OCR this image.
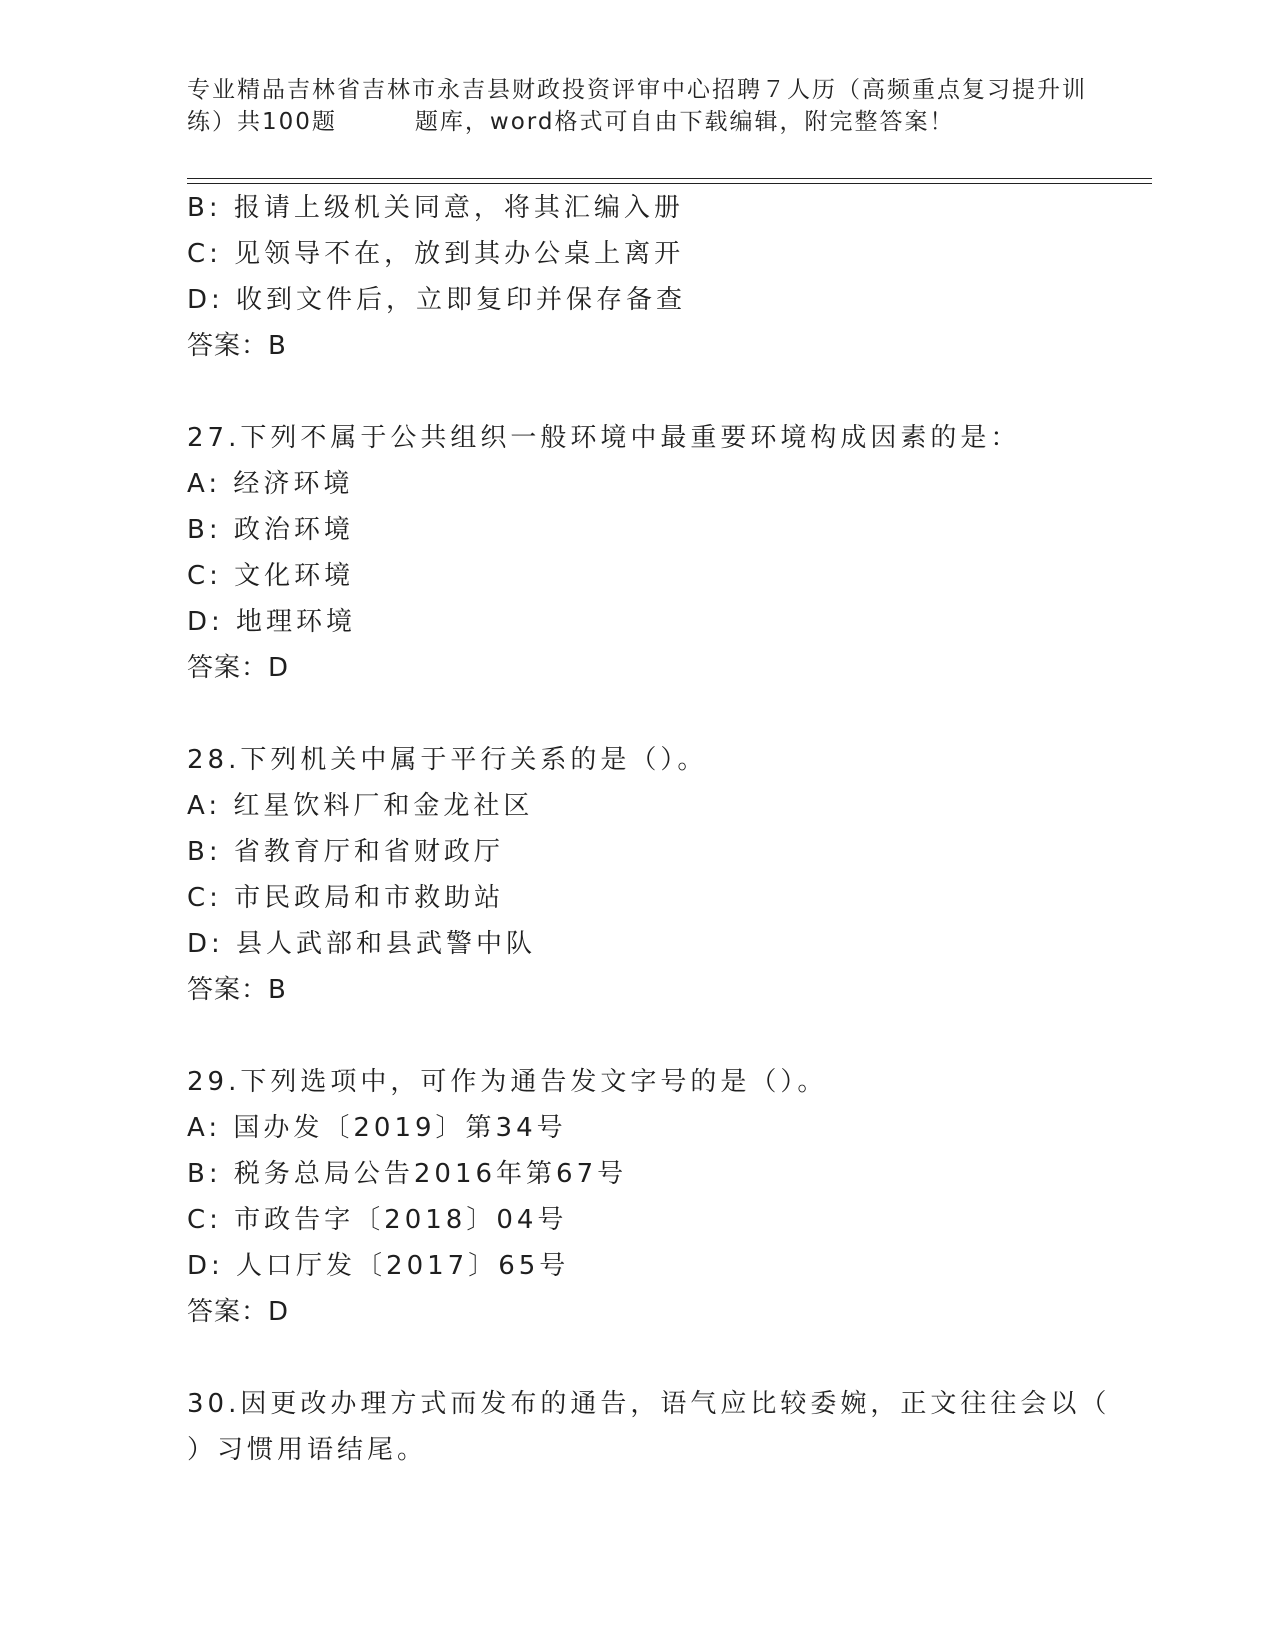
专业精品吉林省吉林市永吉县财政投资评审中心招聘７人历（高频重点复习提升训
练）共100题	题库，word格式可自由下载编辑，附完整答案！
B: 报请上级机关同意，将其汇编入册
C: 见领导不在，放到其办公桌上离开
D: 收到文件后，立即复印并保存备查
答案：B
27.下列不属于公共组织一般环境中最重要环境构成因素的是：
A: 经济环境
B: 政治环境
C: 文化环境
D: 地理环境
答案：D
28.下列机关中属于平行关系的是（）。
A: 红星饮料厂和金龙社区
B: 省教育厅和省财政厅
C: 市民政局和市救助站
D: 县人武部和县武警中队
答案：B
29.下列选项中，可作为通告发文字号的是（）。
A: 国办发〔2019〕第34号
B: 税务总局公告2016年第67号
C: 市政告字〔2018〕04号
D: 人口厅发〔2017〕65号
答案：D
30.因更改办理方式而发布的通告，语气应比较委婉，正文往往会以（
）习惯用语结尾。
